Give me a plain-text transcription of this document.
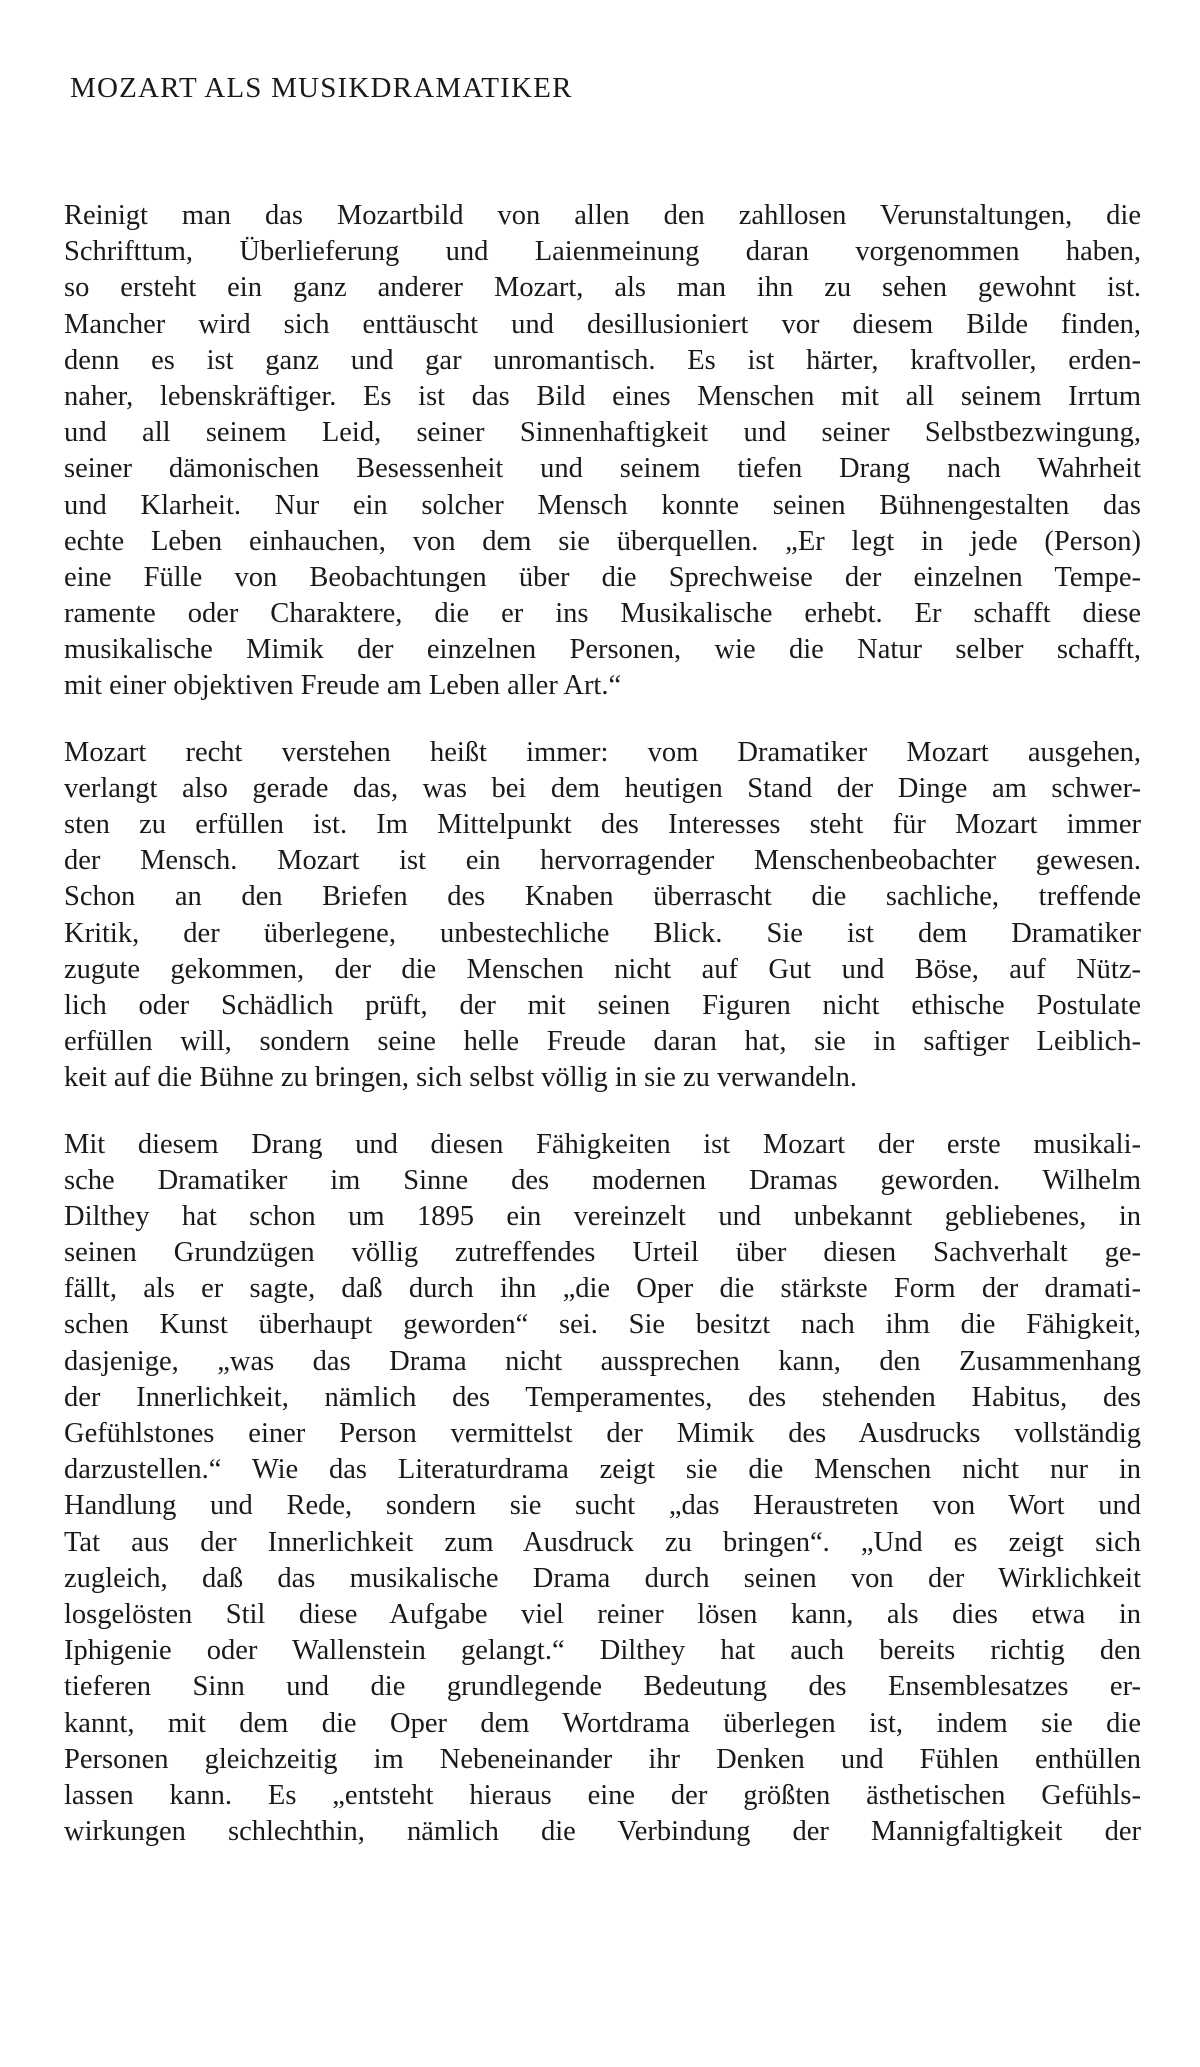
MOZART ALS MUSIKDRAMATIKER
Reinigt man das Mozartbild von allen den zahllosen Verunstaltungen, die
Schrifttum, Überlieferung und Laienmeinung daran vorgenommen haben,
so ersteht ein ganz anderer Mozart, als man ihn zu sehen gewohnt ist.
Mancher wird sich enttäuscht und desillusioniert vor diesem Bilde finden,
denn es ist ganz und gar unromantisch. Es ist härter, kraftvoller, erden-
naher, lebenskräftiger. Es ist das Bild eines Menschen mit all seinem Irrtum
und all seinem Leid, seiner Sinnenhaftigkeit und seiner Selbstbezwingung,
seiner dämonischen Besessenheit und seinem tiefen Drang nach Wahrheit
und Klarheit. Nur ein solcher Mensch konnte seinen Bühnengestalten das
echte Leben einhauchen, von dem sie überquellen. „Er legt in jede (Person)
eine Fülle von Beobachtungen über die Sprechweise der einzelnen Tempe-
ramente oder Charaktere, die er ins Musikalische erhebt. Er schafft diese
musikalische Mimik der einzelnen Personen, wie die Natur selber schafft,
mit einer objektiven Freude am Leben aller Art.“
Mozart recht verstehen heißt immer: vom Dramatiker Mozart ausgehen,
verlangt also gerade das, was bei dem heutigen Stand der Dinge am schwer-
sten zu erfüllen ist. Im Mittelpunkt des Interesses steht für Mozart immer
der Mensch. Mozart ist ein hervorragender Menschenbeobachter gewesen.
Schon an den Briefen des Knaben überrascht die sachliche, treffende
Kritik, der überlegene, unbestechliche Blick. Sie ist dem Dramatiker
zugute gekommen, der die Menschen nicht auf Gut und Böse, auf Nütz-
lich oder Schädlich prüft, der mit seinen Figuren nicht ethische Postulate
erfüllen will, sondern seine helle Freude daran hat, sie in saftiger Leiblich-
keit auf die Bühne zu bringen, sich selbst völlig in sie zu verwandeln.
Mit diesem Drang und diesen Fähigkeiten ist Mozart der erste musikali-
sche Dramatiker im Sinne des modernen Dramas geworden. Wilhelm
Dilthey hat schon um 1895 ein vereinzelt und unbekannt gebliebenes, in
seinen Grundzügen völlig zutreffendes Urteil über diesen Sachverhalt ge-
fällt, als er sagte, daß durch ihn „die Oper die stärkste Form der dramati-
schen Kunst überhaupt geworden“ sei. Sie besitzt nach ihm die Fähigkeit,
dasjenige, „was das Drama nicht aussprechen kann, den Zusammenhang
der Innerlichkeit, nämlich des Temperamentes, des stehenden Habitus, des
Gefühlstones einer Person vermittelst der Mimik des Ausdrucks vollständig
darzustellen.“ Wie das Literaturdrama zeigt sie die Menschen nicht nur in
Handlung und Rede, sondern sie sucht „das Heraustreten von Wort und
Tat aus der Innerlichkeit zum Ausdruck zu bringen“. „Und es zeigt sich
zugleich, daß das musikalische Drama durch seinen von der Wirklichkeit
losgelösten Stil diese Aufgabe viel reiner lösen kann, als dies etwa in
Iphigenie oder Wallenstein gelangt.“ Dilthey hat auch bereits richtig den
tieferen Sinn und die grundlegende Bedeutung des Ensemblesatzes er-
kannt, mit dem die Oper dem Wortdrama überlegen ist, indem sie die
Personen gleichzeitig im Nebeneinander ihr Denken und Fühlen enthüllen
lassen kann. Es „entsteht hieraus eine der größten ästhetischen Gefühls-
wirkungen schlechthin, nämlich die Verbindung der Mannigfaltigkeit der
